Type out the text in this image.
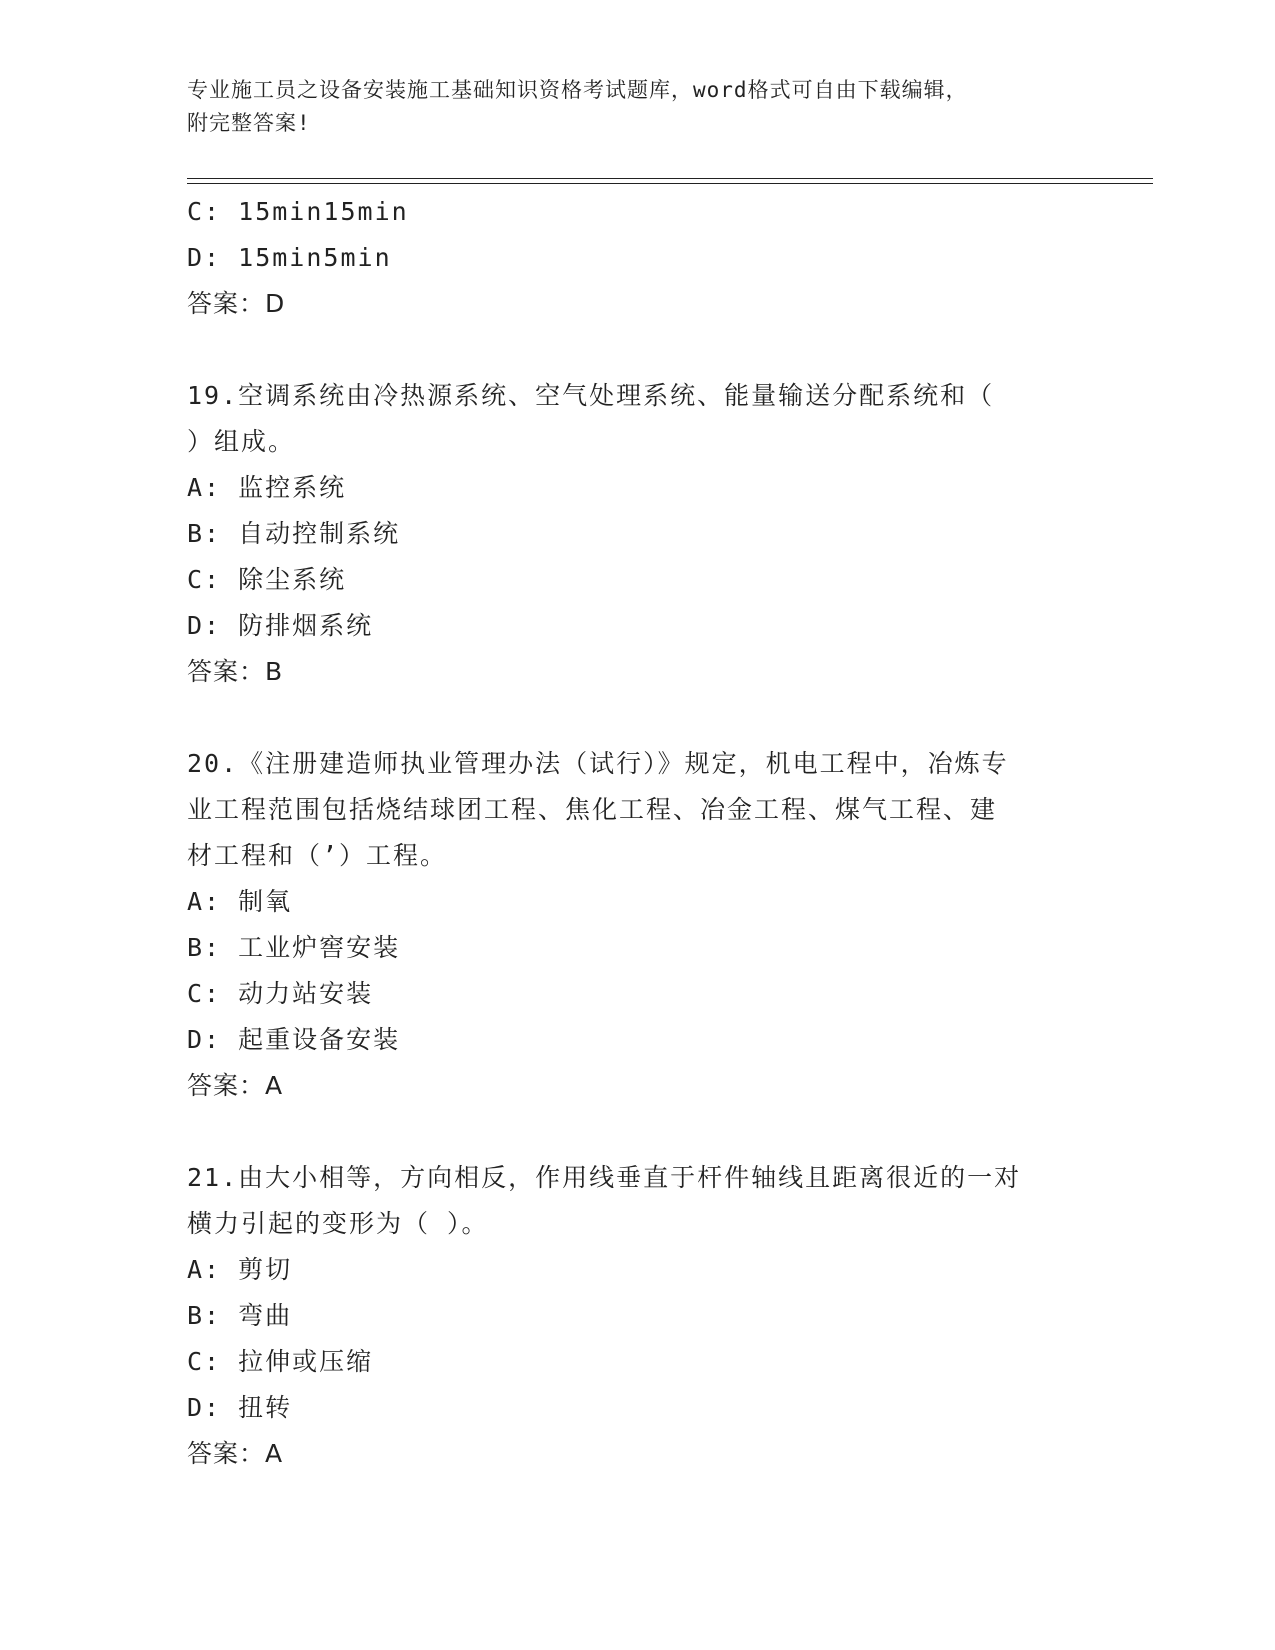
专业施工员之设备安装施工基础知识资格考试题库，word格式可自由下载编辑，
附完整答案!

C: 15min15min

D: 15min5min

答案：D

19.空调系统由冷热源系统、空气处理系统、能量输送分配系统和（

）组成。

A: 监控系统

B: 自动控制系统

C: 除尘系统

D: 防排烟系统

答案：B

20.《注册建造师执业管理办法（试行）》规定，机电工程中，冶炼专

业工程范围包括烧结球团工程、焦化工程、冶金工程、煤气工程、建

材工程和（’）工程。

A: 制氧

B: 工业炉窖安装

C: 动力站安装

D: 起重设备安装

答案：A

21.由大小相等，方向相反，作用线垂直于杆件轴线且距离很近的一对

横力引起的变形为（ ）。

A: 剪切

B: 弯曲

C: 拉伸或压缩

D: 扭转

答案：A
